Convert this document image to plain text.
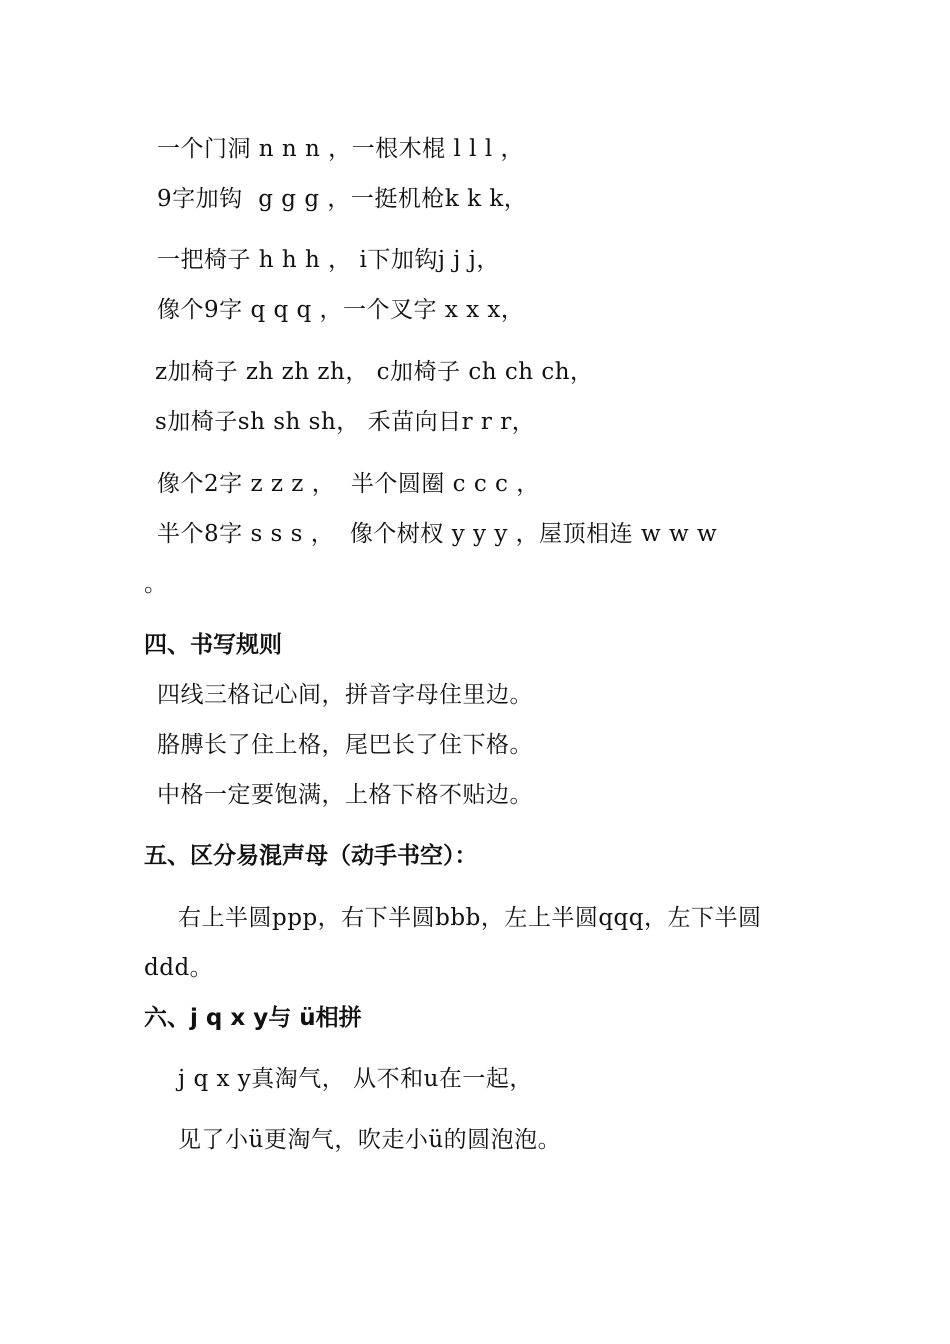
一个门洞 n n n ，一根木棍 l l l ，
9字加钩  g g g ，一挺机枪k k k，
一把椅子 h h h ， i下加钩j j j，
像个9字 q q q ，一个叉字 x x x，
z加椅子 zh zh zh， c加椅子 ch ch ch，
s加椅子sh sh sh， 禾苗向日r r r，
像个2字 z z z ，  半个圆圈 c c c ，
半个8字 s s s ，  像个树杈 y y y ，屋顶相连 w w w
。
四、书写规则
四线三格记心间，拼音字母住里边。
胳膊长了住上格，尾巴长了住下格。
中格一定要饱满，上格下格不贴边。
五、区分易混声母（动手书空）：
右上半圆ppp，右下半圆bbb，左上半圆qqq，左下半圆
ddd。
六、j q x y与 ü相拼
j q x y真淘气， 从不和u在一起，
见了小ü更淘气，吹走小ü的圆泡泡。
